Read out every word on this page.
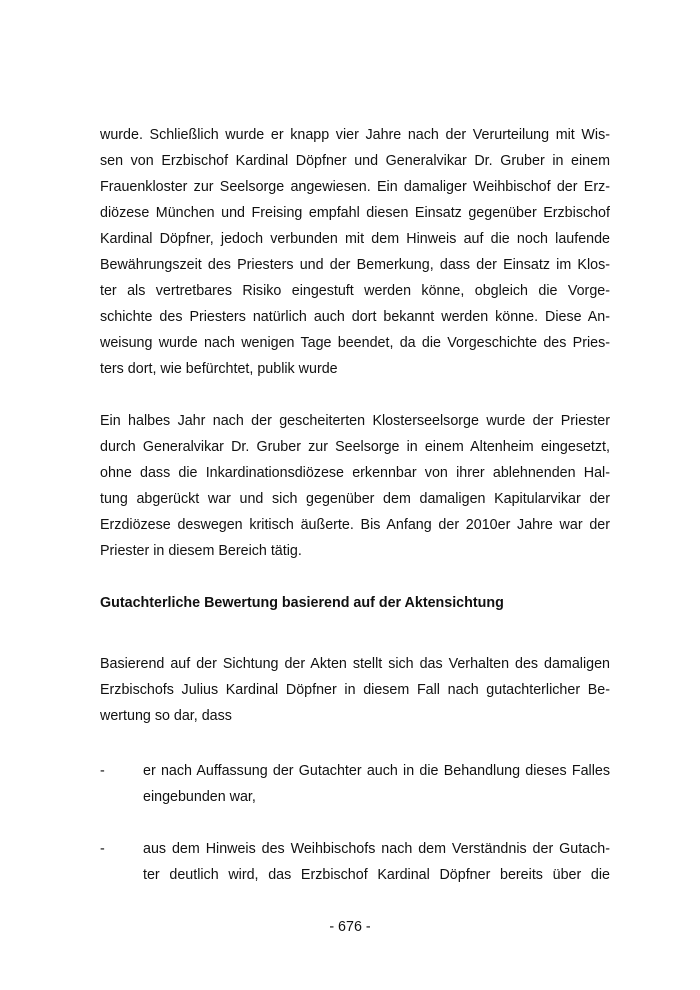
wurde. Schließlich wurde er knapp vier Jahre nach der Verurteilung mit Wis-
sen von Erzbischof Kardinal Döpfner und Generalvikar Dr. Gruber in einem
Frauenkloster zur Seelsorge angewiesen. Ein damaliger Weihbischof der Erz-
diözese München und Freising empfahl diesen Einsatz gegenüber Erzbischof
Kardinal Döpfner, jedoch verbunden mit dem Hinweis auf die noch laufende
Bewährungszeit des Priesters und der Bemerkung, dass der Einsatz im Klos-
ter als vertretbares Risiko eingestuft werden könne, obgleich die Vorge-
schichte des Priesters natürlich auch dort bekannt werden könne. Diese An-
weisung wurde nach wenigen Tage beendet, da die Vorgeschichte des Pries-
ters dort, wie befürchtet, publik wurde
Ein halbes Jahr nach der gescheiterten Klosterseelsorge wurde der Priester
durch Generalvikar Dr. Gruber zur Seelsorge in einem Altenheim eingesetzt,
ohne dass die Inkardinationsdiözese erkennbar von ihrer ablehnenden Hal-
tung abgerückt war und sich gegenüber dem damaligen Kapitularvikar der
Erzdiözese deswegen kritisch äußerte. Bis Anfang der 2010er Jahre war der
Priester in diesem Bereich tätig.
Gutachterliche Bewertung basierend auf der Aktensichtung
Basierend auf der Sichtung der Akten stellt sich das Verhalten des damaligen
Erzbischofs Julius Kardinal Döpfner in diesem Fall nach gutachterlicher Be-
wertung so dar, dass
-	er nach Auffassung der Gutachter auch in die Behandlung dieses Falles
eingebunden war,
-	aus dem Hinweis des Weihbischofs nach dem Verständnis der Gutach-
ter deutlich wird, das Erzbischof Kardinal Döpfner bereits über die
- 676 -
